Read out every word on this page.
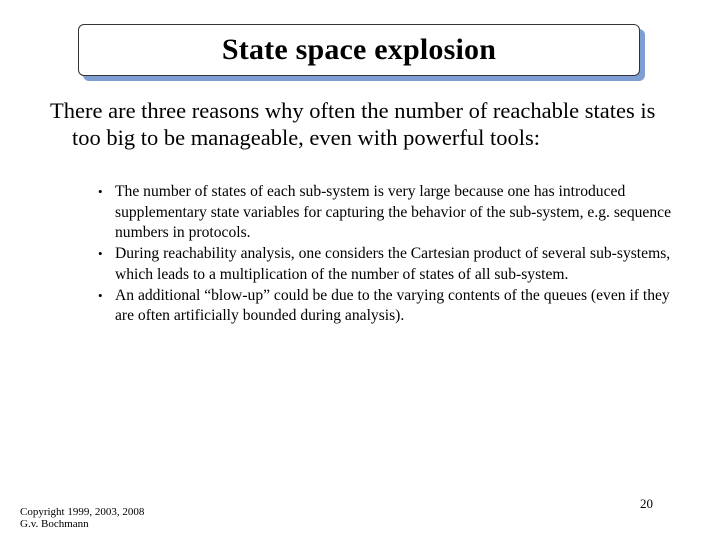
State space explosion

There are three reasons why often the number of reachable states is too big to be manageable, even with powerful tools:

• The number of states of each sub-system is very large because one has introduced supplementary state variables for capturing the behavior of the sub-system, e.g. sequence numbers in protocols.
• During reachability analysis, one considers the Cartesian product of several sub-systems, which leads to a multiplication of the number of states of all sub-system.
• An additional “blow-up” could be due to the varying contents of the queues (even if they are often artificially bounded during analysis).
Copyright 1999, 2003, 2008
G.v. Bochmann
20
